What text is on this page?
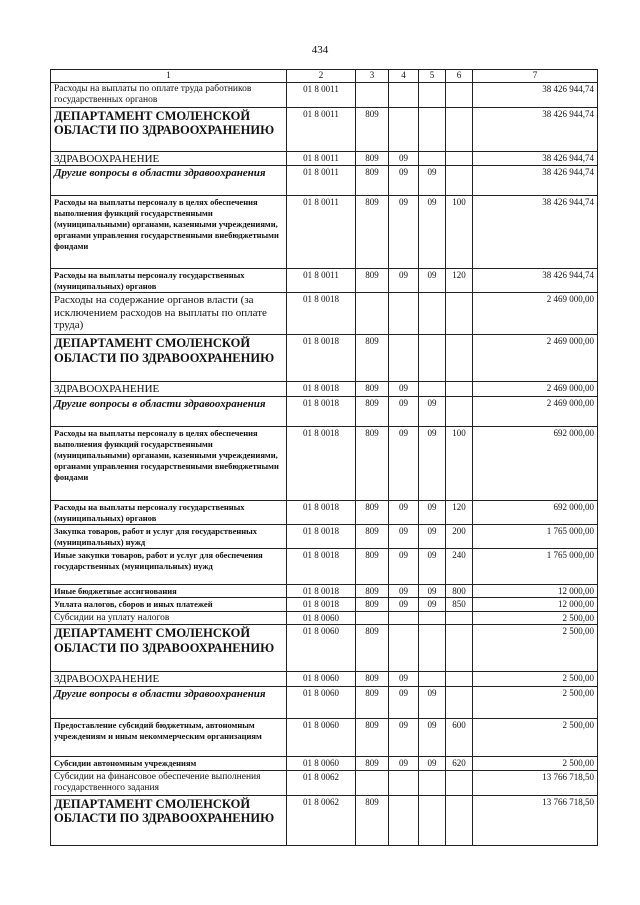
434
1	2	3	4	5	6	7
Расходы на выплаты по оплате труда работников государственных органов	01 8 0011					38 426 944,74
ДЕПАРТАМЕНТ СМОЛЕНСКОЙ ОБЛАСТИ ПО ЗДРАВООХРАНЕНИЮ	01 8 0011	809				38 426 944,74
ЗДРАВООХРАНЕНИЕ	01 8 0011	809	09			38 426 944,74
Другие вопросы в области здравоохранения	01 8 0011	809	09	09		38 426 944,74
Расходы на выплаты персоналу в целях обеспечения выполнения функций государственными (муниципальными) органами, казенными учреждениями, органами управления государственными внебюджетными фондами	01 8 0011	809	09	09	100	38 426 944,74
Расходы на выплаты персоналу государственных (муниципальных) органов	01 8 0011	809	09	09	120	38 426 944,74
Расходы на содержание органов власти (за исключением расходов на выплаты по оплате труда)	01 8 0018					2 469 000,00
ДЕПАРТАМЕНТ СМОЛЕНСКОЙ ОБЛАСТИ ПО ЗДРАВООХРАНЕНИЮ	01 8 0018	809				2 469 000,00
ЗДРАВООХРАНЕНИЕ	01 8 0018	809	09			2 469 000,00
Другие вопросы в области здравоохранения	01 8 0018	809	09	09		2 469 000,00
Расходы на выплаты персоналу в целях обеспечения выполнения функций государственными (муниципальными) органами, казенными учреждениями, органами управления государственными внебюджетными фондами	01 8 0018	809	09	09	100	692 000,00
Расходы на выплаты персоналу государственных (муниципальных) органов	01 8 0018	809	09	09	120	692 000,00
Закупка товаров, работ и услуг для государственных (муниципальных) нужд	01 8 0018	809	09	09	200	1 765 000,00
Иные закупки товаров, работ и услуг для обеспечения государственных (муниципальных) нужд	01 8 0018	809	09	09	240	1 765 000,00
Иные бюджетные ассигнования	01 8 0018	809	09	09	800	12 000,00
Уплата налогов, сборов и иных платежей	01 8 0018	809	09	09	850	12 000,00
Субсидии на уплату налогов	01 8 0060					2 500,00
ДЕПАРТАМЕНТ СМОЛЕНСКОЙ ОБЛАСТИ ПО ЗДРАВООХРАНЕНИЮ	01 8 0060	809				2 500,00
ЗДРАВООХРАНЕНИЕ	01 8 0060	809	09			2 500,00
Другие вопросы в области здравоохранения	01 8 0060	809	09	09		2 500,00
Предоставление субсидий бюджетным, автономным учреждениям и иным некоммерческим организациям	01 8 0060	809	09	09	600	2 500,00
Субсидии автономным учреждениям	01 8 0060	809	09	09	620	2 500,00
Субсидии на финансовое обеспечение выполнения государственного задания	01 8 0062					13 766 718,50
ДЕПАРТАМЕНТ СМОЛЕНСКОЙ ОБЛАСТИ ПО ЗДРАВООХРАНЕНИЮ	01 8 0062	809				13 766 718,50
